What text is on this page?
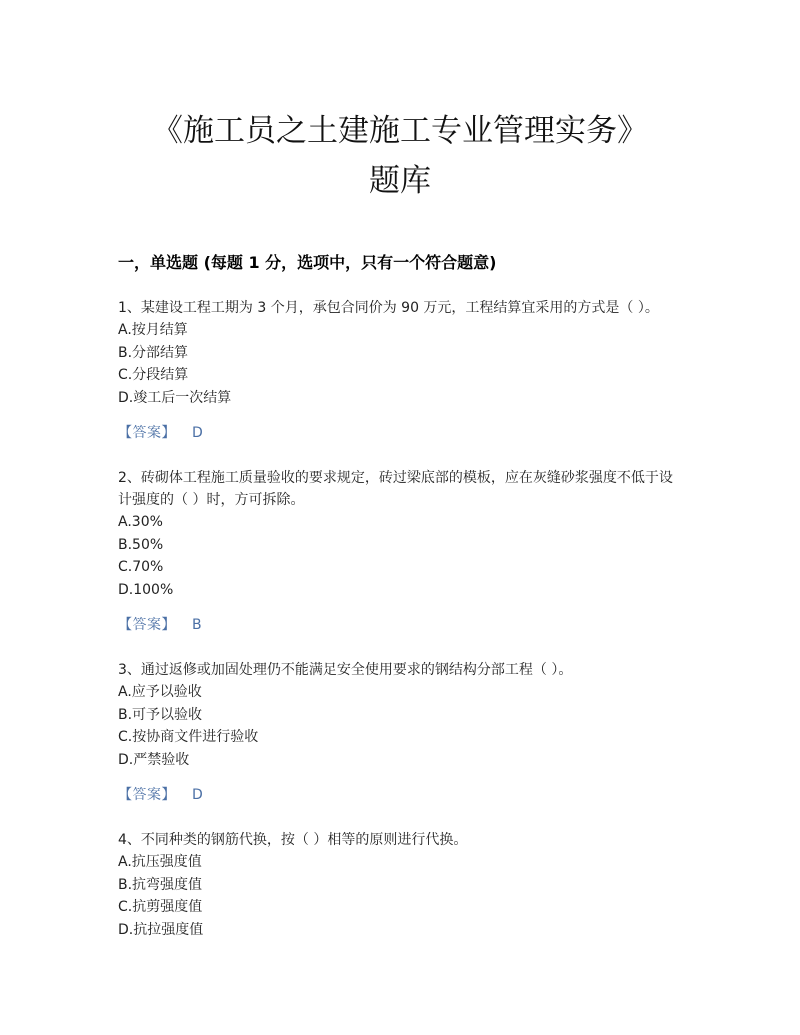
《施工员之土建施工专业管理实务》
题库
一，单选题 (每题 1 分，选项中，只有一个符合题意)
1、某建设工程工期为 3 个月，承包合同价为 90 万元，工程结算宜采用的方式是（ ）。
A.按月结算
B.分部结算
C.分段结算
D.竣工后一次结算
【答案】 D
2、砖砌体工程施工质量验收的要求规定，砖过梁底部的模板，应在灰缝砂浆强度不低于设计强度的（ ）时，方可拆除。
A.30%
B.50%
C.70%
D.100%
【答案】 B
3、通过返修或加固处理仍不能满足安全使用要求的钢结构分部工程（ ）。
A.应予以验收
B.可予以验收
C.按协商文件进行验收
D.严禁验收
【答案】 D
4、不同种类的钢筋代换，按（ ）相等的原则进行代换。
A.抗压强度值
B.抗弯强度值
C.抗剪强度值
D.抗拉强度值
